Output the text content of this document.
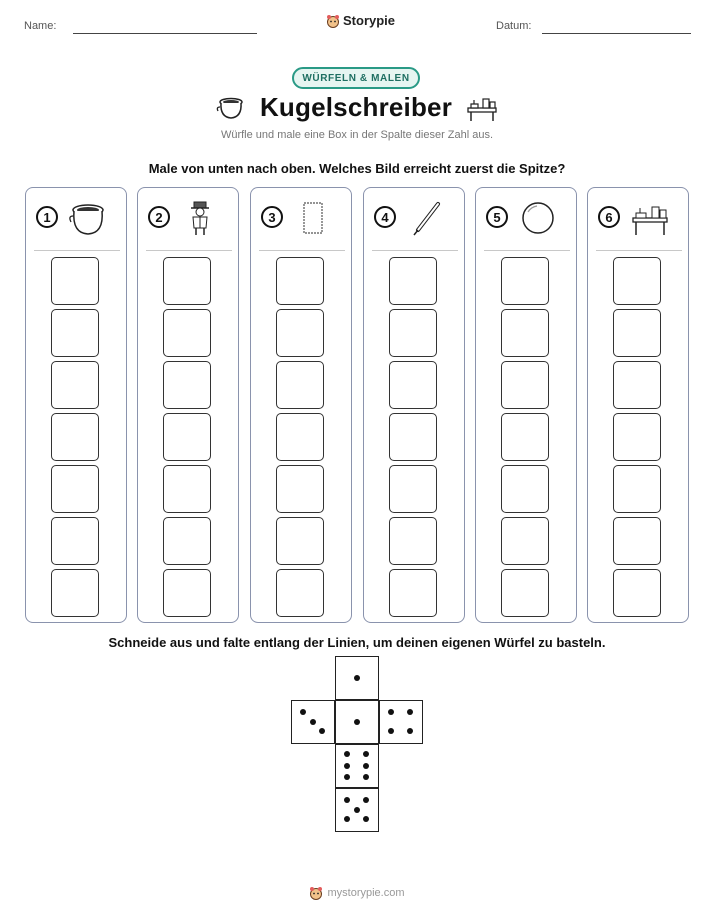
Name:	Storypie	Datum:
WÜRFELN & MALEN
Kugelschreiber
Würfle und male eine Box in der Spalte dieser Zahl aus.
Male von unten nach oben. Welches Bild erreicht zuerst die Spitze?
1	2	3	4	5	6
Schneide aus und falte entlang der Linien, um deinen eigenen Würfel zu basteln.
mystorypie.com
